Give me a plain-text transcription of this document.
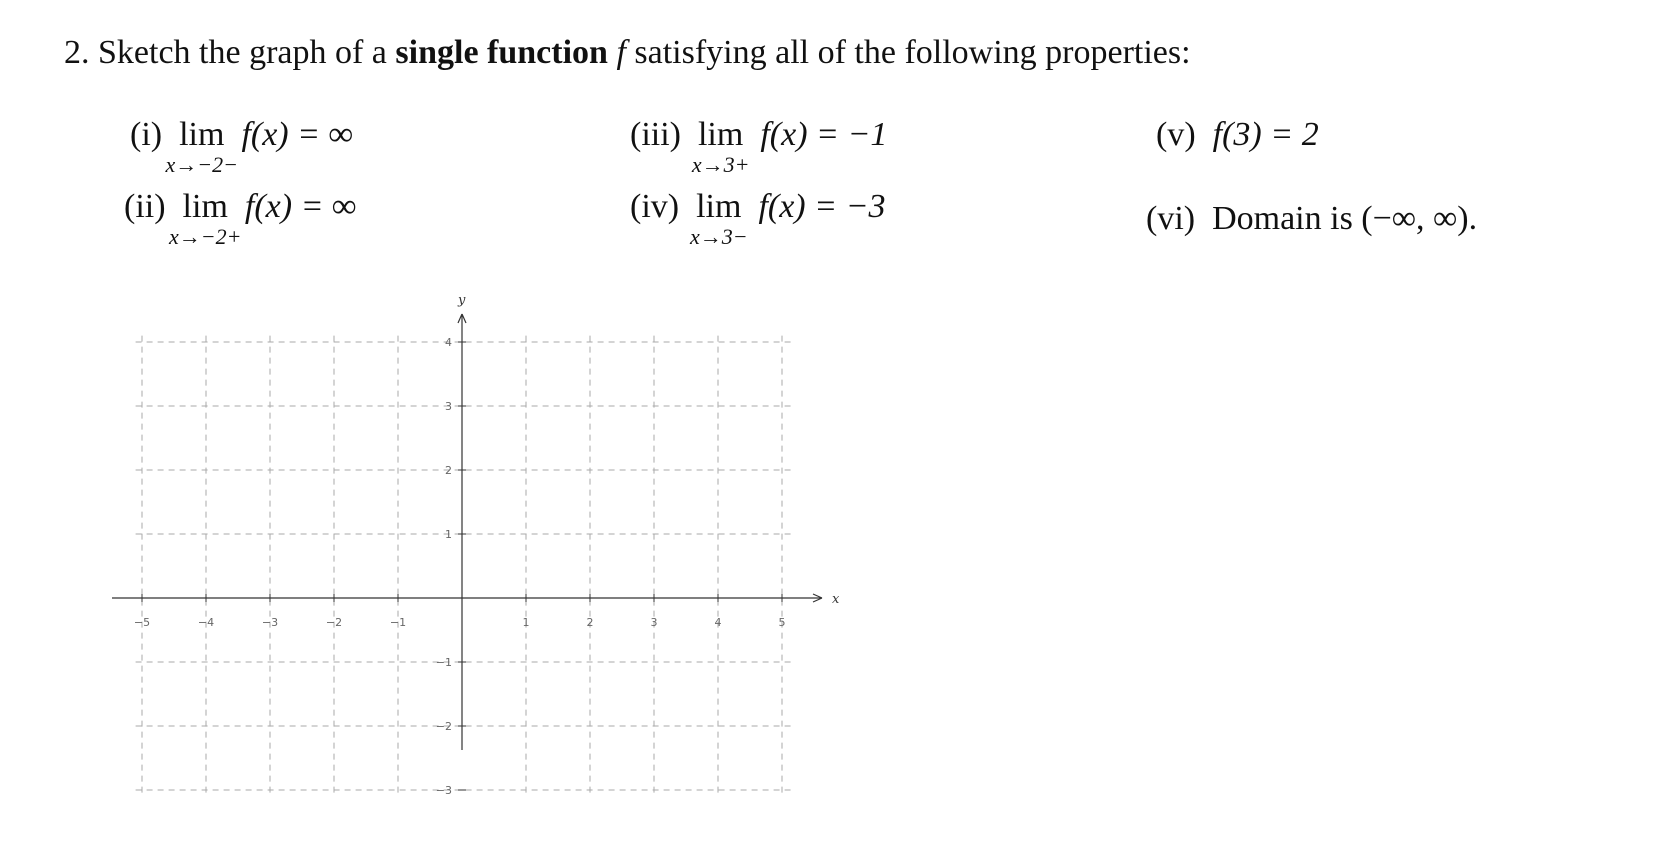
2. Sketch the graph of a single function f satisfying all of the following properties:
(i) lim
x→−2−
f(x) = ∞
(ii) lim
x→−2+
f(x) = ∞
(iii) lim
x→3+
f(x) = −1
(iv) lim
x→3−
f(x) = −3
(v) f(3) = 2
(vi) Domain is (−∞, ∞).
x
y
−5	−4	−3	−2	−1	1	2	3	4	5
4
3
2
1
−1
−2
−3
